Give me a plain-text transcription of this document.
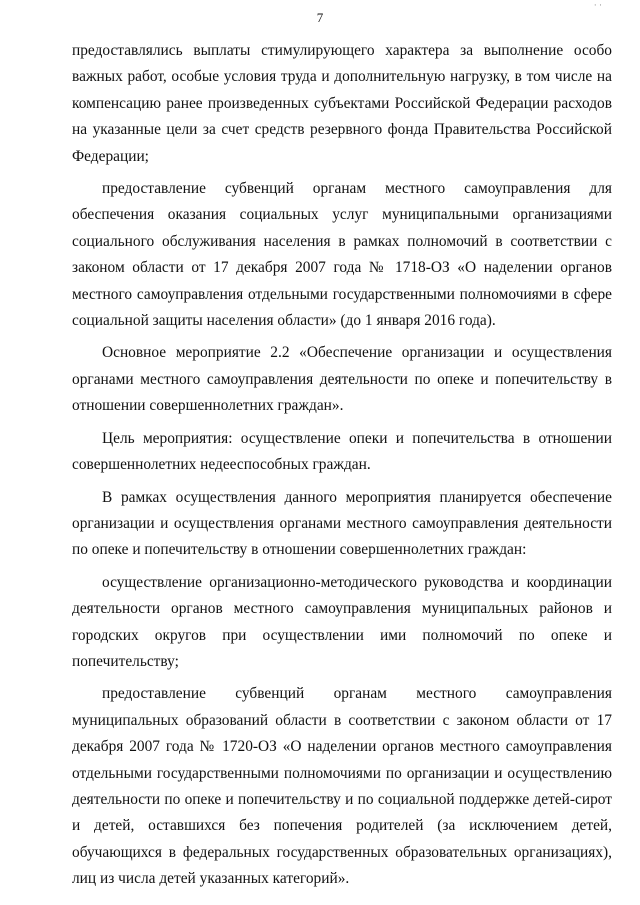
7
· ·

предоставлялись выплаты стимулирующего характера за выполнение особо важных работ, особые условия труда и дополнительную нагрузку, в том числе на компенсацию ранее произведенных субъектами Российской Федерации расходов на указанные цели за счет средств резервного фонда Правительства Российской Федерации;

предоставление субвенций органам местного самоуправления для обеспечения оказания социальных услуг муниципальными организациями социального обслуживания населения в рамках полномочий в соответствии с законом области от 17 декабря 2007 года № 1718-ОЗ «О наделении органов местного самоуправления отдельными государственными полномочиями в сфере социальной защиты населения области» (до 1 января 2016 года).

Основное мероприятие 2.2 «Обеспечение организации и осуществления органами местного самоуправления деятельности по опеке и попечительству в отношении совершеннолетних граждан».

Цель мероприятия: осуществление опеки и попечительства в отношении совершеннолетних недееспособных граждан.

В рамках осуществления данного мероприятия планируется обеспечение организации и осуществления органами местного самоуправления деятельности по опеке и попечительству в отношении совершеннолетних граждан:

осуществление организационно-методического руководства и координации деятельности органов местного самоуправления муниципальных районов и городских округов при осуществлении ими полномочий по опеке и попечительству;

предоставление субвенций органам местного самоуправления муниципальных образований области в соответствии с законом области от 17 декабря 2007 года № 1720-ОЗ «О наделении органов местного самоуправления отдельными государственными полномочиями по организации и осуществлению деятельности по опеке и попечительству и по социальной поддержке детей-сирот и детей, оставшихся без попечения родителей (за исключением детей, обучающихся в федеральных государственных образовательных организациях), лиц из числа детей указанных категорий».
